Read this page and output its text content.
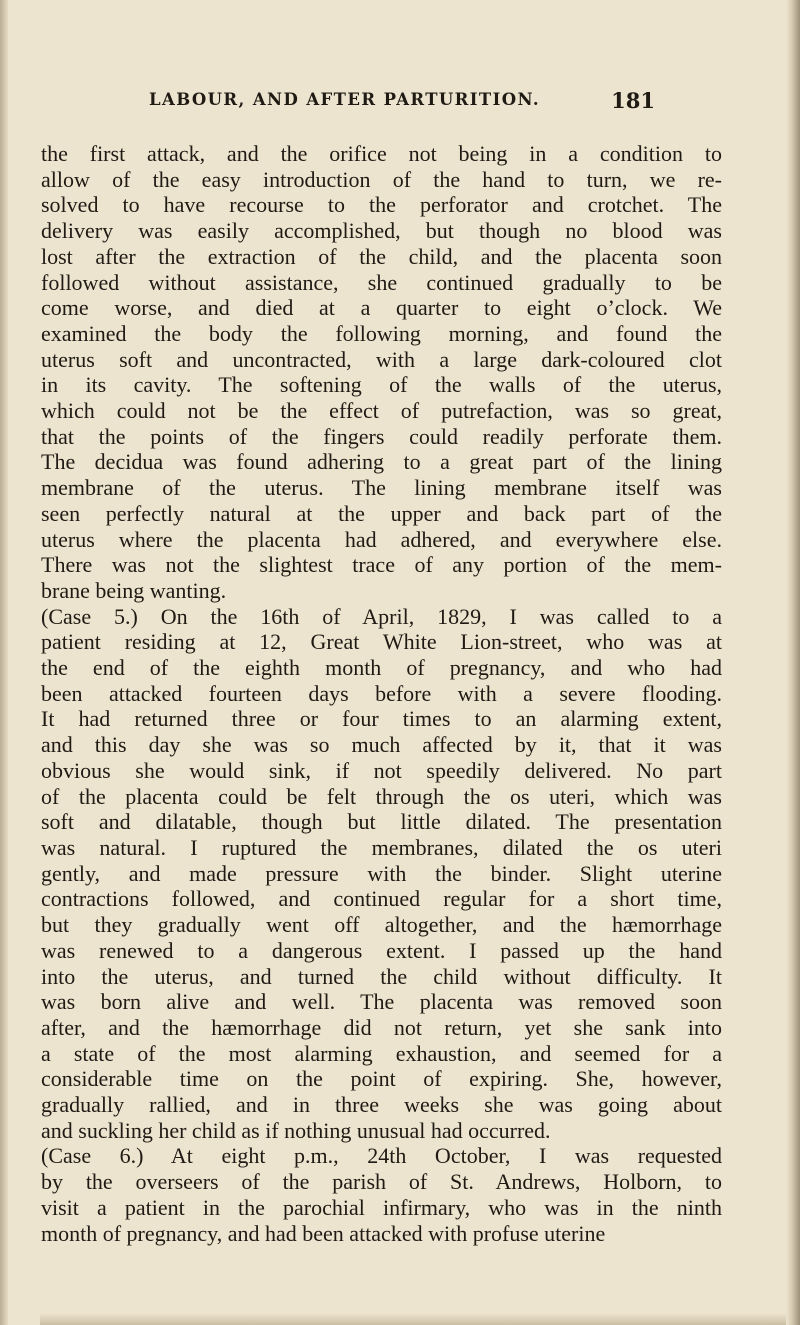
LABOUR, AND AFTER PARTURITION.	181
the first attack, and the orifice not being in a condition to
allow of the easy introduction of the hand to turn, we re-
solved to have recourse to the perforator and crotchet. The
delivery was easily accomplished, but though no blood was
lost after the extraction of the child, and the placenta soon
followed without assistance, she continued gradually to be
come worse, and died at a quarter to eight o’clock. We
examined the body the following morning, and found the
uterus soft and uncontracted, with a large dark-coloured clot
in its cavity. The softening of the walls of the uterus,
which could not be the effect of putrefaction, was so great,
that the points of the fingers could readily perforate them.
The decidua was found adhering to a great part of the lining
membrane of the uterus. The lining membrane itself was
seen perfectly natural at the upper and back part of the
uterus where the placenta had adhered, and everywhere else.
There was not the slightest trace of any portion of the mem-
brane being wanting.
(Case 5.) On the 16th of April, 1829, I was called to a
patient residing at 12, Great White Lion-street, who was at
the end of the eighth month of pregnancy, and who had
been attacked fourteen days before with a severe flooding.
It had returned three or four times to an alarming extent,
and this day she was so much affected by it, that it was
obvious she would sink, if not speedily delivered. No part
of the placenta could be felt through the os uteri, which was
soft and dilatable, though but little dilated. The presentation
was natural. I ruptured the membranes, dilated the os uteri
gently, and made pressure with the binder. Slight uterine
contractions followed, and continued regular for a short time,
but they gradually went off altogether, and the hæmorrhage
was renewed to a dangerous extent. I passed up the hand
into the uterus, and turned the child without difficulty. It
was born alive and well. The placenta was removed soon
after, and the hæmorrhage did not return, yet she sank into
a state of the most alarming exhaustion, and seemed for a
considerable time on the point of expiring. She, however,
gradually rallied, and in three weeks she was going about
and suckling her child as if nothing unusual had occurred.
(Case 6.) At eight p.m., 24th October, I was requested
by the overseers of the parish of St. Andrews, Holborn, to
visit a patient in the parochial infirmary, who was in the ninth
month of pregnancy, and had been attacked with profuse uterine
